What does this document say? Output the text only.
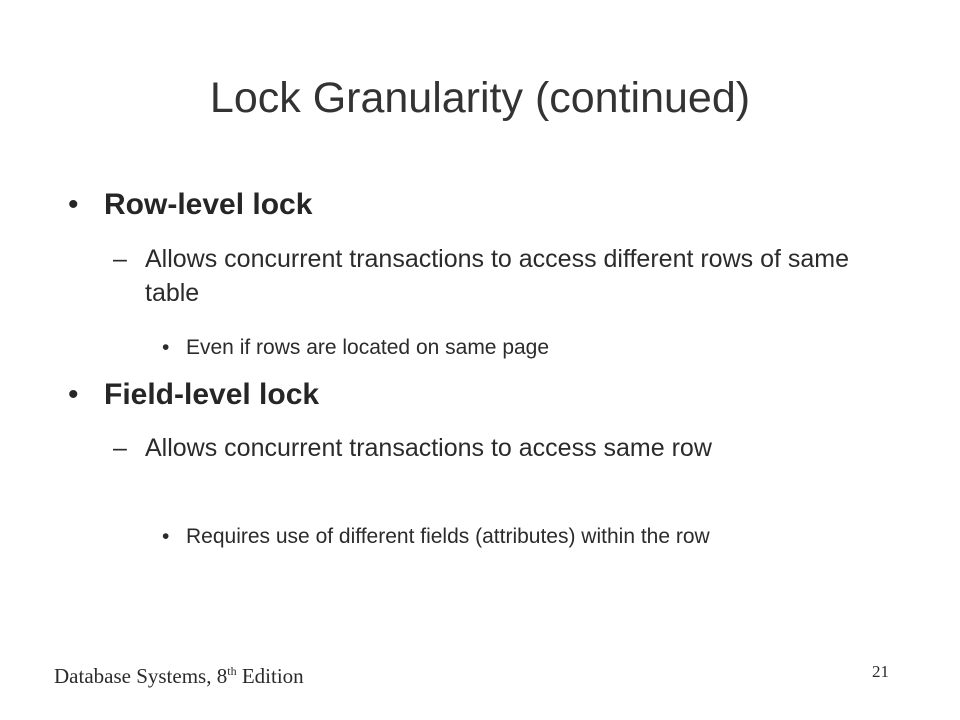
Lock Granularity (continued)
• Row-level lock
– Allows concurrent transactions to access different rows of same table
• Even if rows are located on same page
• Field-level lock
– Allows concurrent transactions to access same row
• Requires use of different fields (attributes) within the row
Database Systems, 8th Edition	21
